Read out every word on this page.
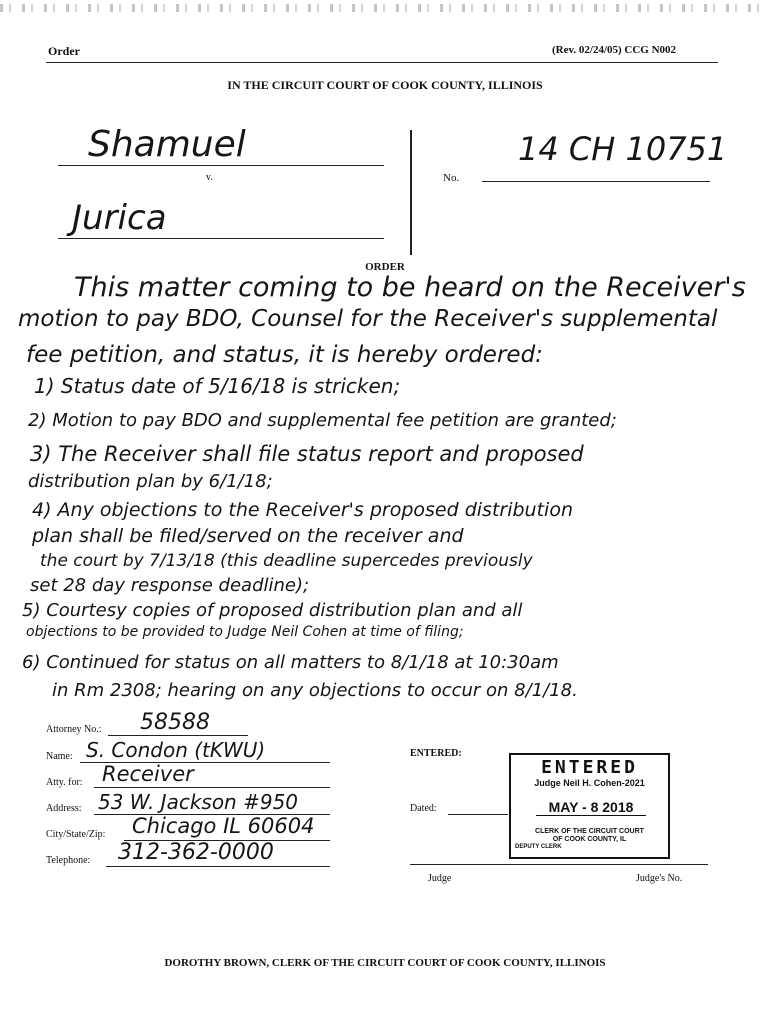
Order	(Rev. 02/24/05) CCG N002
IN THE CIRCUIT COURT OF COOK COUNTY, ILLINOIS
Shamuel
v.
Jurica
No.
14 CH 10751
ORDER
This matter coming to be heard on the Receiver's
motion to pay BDO, Counsel for the Receiver's supplemental
fee petition, and status, it is hereby ordered:
1) Status date of 5/16/18 is stricken;
2) Motion to pay BDO and supplemental fee petition are granted;
3) The Receiver shall file status report and proposed
distribution plan by 6/1/18;
4) Any objections to the Receiver's proposed distribution
plan shall be filed/served on the receiver and
the court by 7/13/18 (this deadline supercedes previously
set 28 day response deadline);
5) Courtesy copies of proposed distribution plan and all
objections to be provided to Judge Neil Cohen at time of filing;
6) Continued for status on all matters to 8/1/18 at 10:30am
in Rm 2308; hearing on any objections to occur on 8/1/18.
Attorney No.: 58588
Name: S. Condon (tKWU)
Atty. for: Receiver
Address: 53 W. Jackson #950
City/State/Zip: Chicago IL 60604
Telephone: 312-362-0000
ENTERED:
Dated:
Judge	Judge's No.
ENTERED
Judge Neil H. Cohen-2021
MAY - 8 2018
CLERK OF THE CIRCUIT COURT
OF COOK COUNTY, IL
DEPUTY CLERK
DOROTHY BROWN, CLERK OF THE CIRCUIT COURT OF COOK COUNTY, ILLINOIS
